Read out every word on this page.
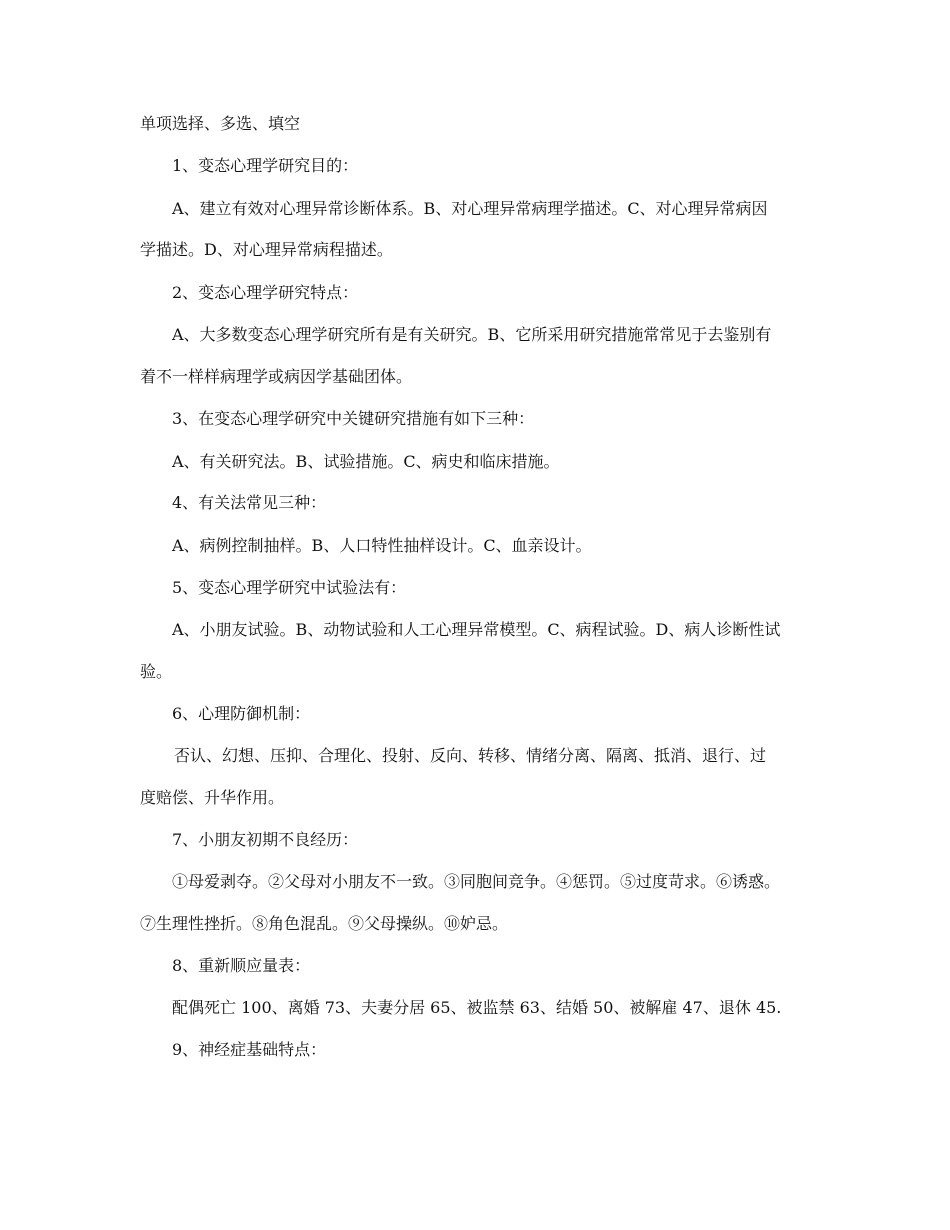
单项选择、多选、填空
1、变态心理学研究目的：
A、建立有效对心理异常诊断体系。B、对心理异常病理学描述。C、对心理异常病因
学描述。D、对心理异常病程描述。
2、变态心理学研究特点：
A、大多数变态心理学研究所有是有关研究。B、它所采用研究措施常常见于去鉴别有
着不一样样病理学或病因学基础团体。
3、在变态心理学研究中关键研究措施有如下三种：
A、有关研究法。B、试验措施。C、病史和临床措施。
4、有关法常见三种：
A、病例控制抽样。B、人口特性抽样设计。C、血亲设计。
5、变态心理学研究中试验法有：
A、小朋友试验。B、动物试验和人工心理异常模型。C、病程试验。D、病人诊断性试
验。
6、心理防御机制：
否认、幻想、压抑、合理化、投射、反向、转移、情绪分离、隔离、抵消、退行、过
度赔偿、升华作用。
7、小朋友初期不良经历：
①母爱剥夺。②父母对小朋友不一致。③同胞间竞争。④惩罚。⑤过度苛求。⑥诱惑。
⑦生理性挫折。⑧角色混乱。⑨父母操纵。⑩妒忌。
8、重新顺应量表：
配偶死亡 100、离婚 73、夫妻分居 65、被监禁 63、结婚 50、被解雇 47、退休 45.
9、神经症基础特点：
